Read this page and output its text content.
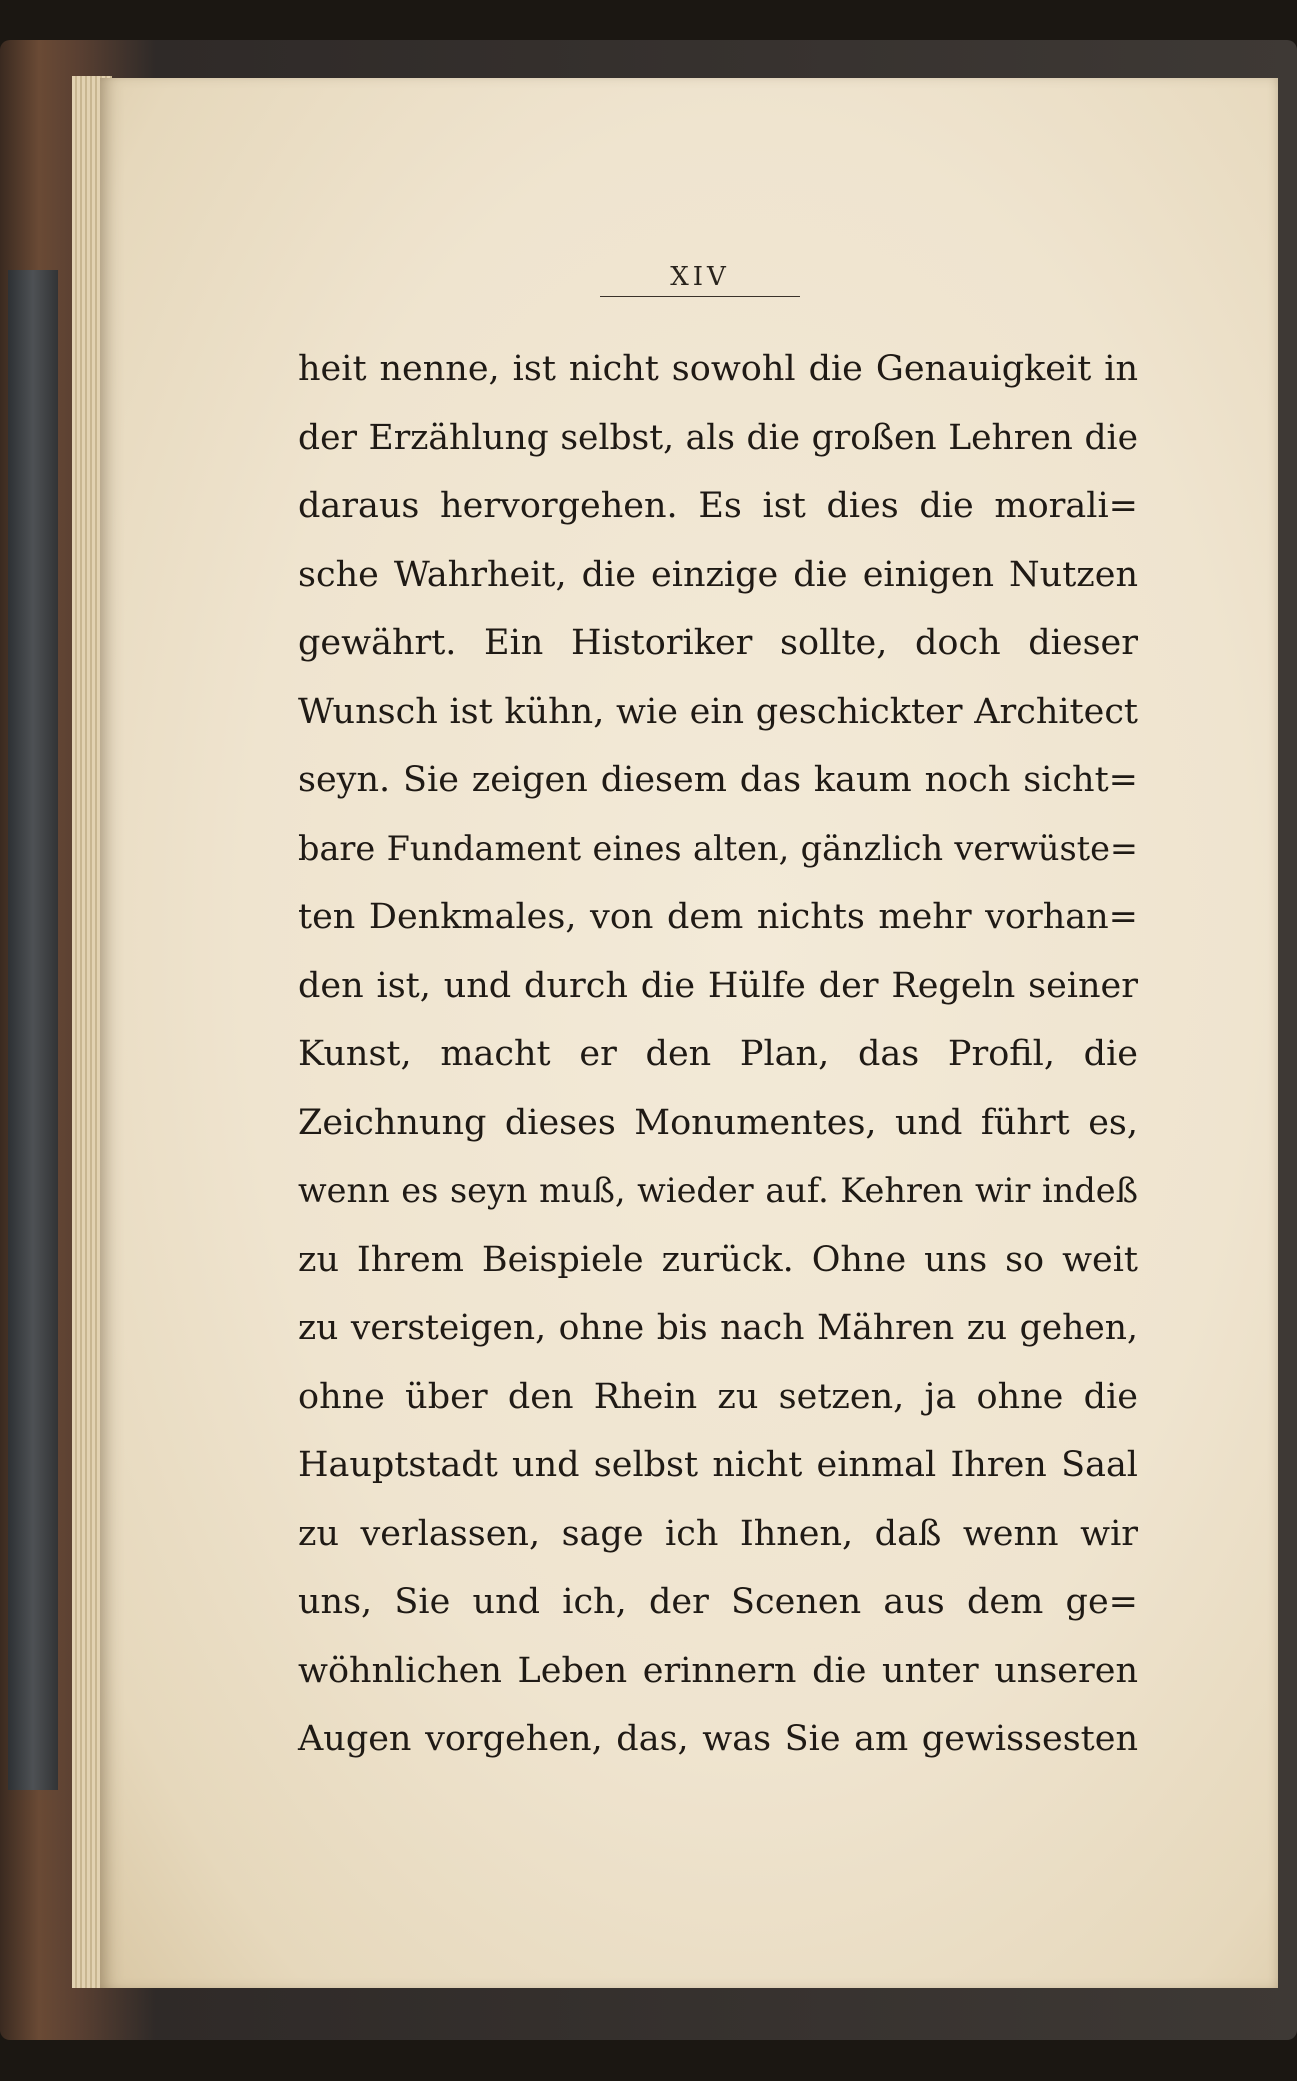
XIV
heit nenne, ist nicht sowohl die Genauigkeit in
der Erzählung selbst, als die großen Lehren die
daraus hervorgehen. Es ist dies die morali=
sche Wahrheit, die einzige die einigen Nutzen
gewährt. Ein Historiker sollte, doch dieser
Wunsch ist kühn, wie ein geschickter Architect
seyn. Sie zeigen diesem das kaum noch sicht=
bare Fundament eines alten, gänzlich verwüste=
ten Denkmales, von dem nichts mehr vorhan=
den ist, und durch die Hülfe der Regeln seiner
Kunst, macht er den Plan, das Profil, die
Zeichnung dieses Monumentes, und führt es,
wenn es seyn muß, wieder auf. Kehren wir indeß
zu Ihrem Beispiele zurück. Ohne uns so weit
zu versteigen, ohne bis nach Mähren zu gehen,
ohne über den Rhein zu setzen, ja ohne die
Hauptstadt und selbst nicht einmal Ihren Saal
zu verlassen, sage ich Ihnen, daß wenn wir
uns, Sie und ich, der Scenen aus dem ge=
wöhnlichen Leben erinnern die unter unseren
Augen vorgehen, das, was Sie am gewissesten
